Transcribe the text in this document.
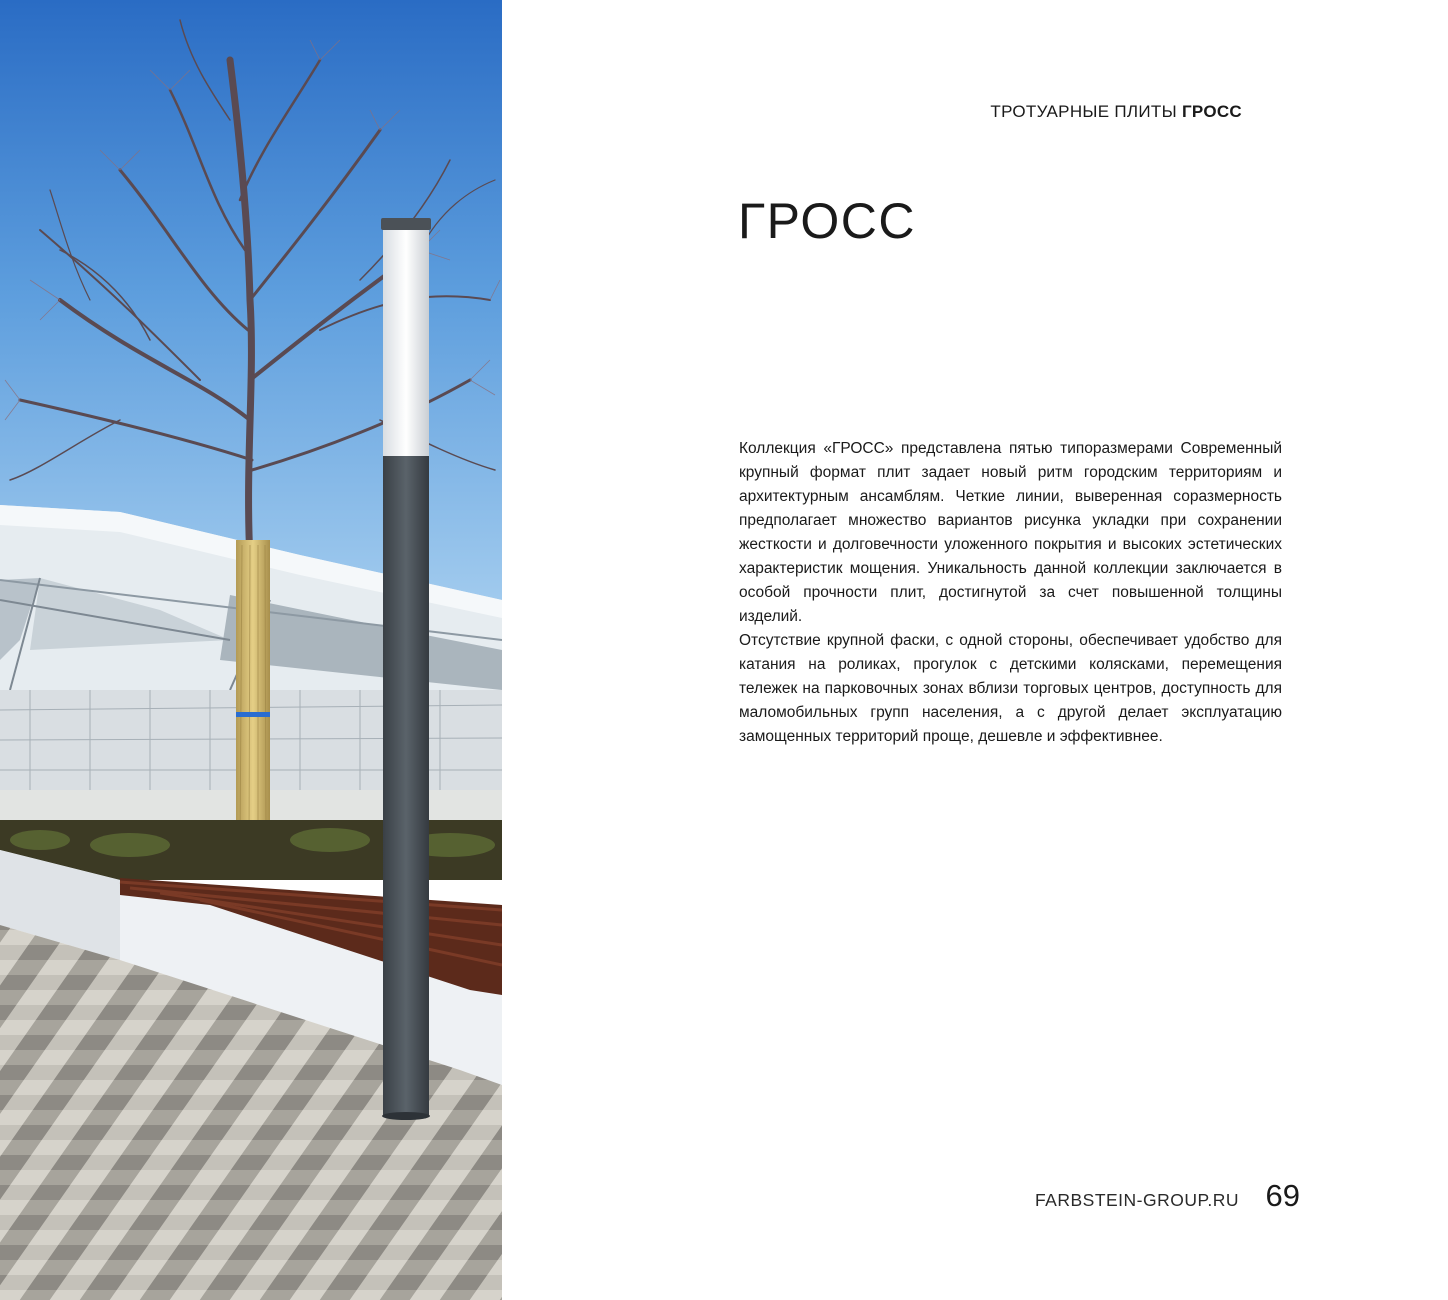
ТРОТУАРНЫЕ ПЛИТЫ ГРОСС
ГРОСС

Коллекция «ГРОСС» представлена пятью типоразмерами Современный крупный формат плит задает новый ритм городским территориям и архитектурным ансамблям. Четкие линии, выверенная соразмерность предполагает множество вариантов рисунка укладки при сохранении жесткости и долговечности уложенного покрытия и высоких эстетических характеристик мощения. Уникальность данной коллекции заключается в особой прочности плит, достигнутой за счет повышенной толщины изделий.

Отсутствие крупной фаски, с одной стороны, обеспечивает удобство для катания на роликах, прогулок с детскими колясками, перемещения тележек на парковочных зонах вблизи торговых центров, доступность для маломобильных групп населения, а с другой делает эксплуатацию замощенных территорий проще, дешевле и эффективнее.

FARBSTEIN-GROUP.RU 69
